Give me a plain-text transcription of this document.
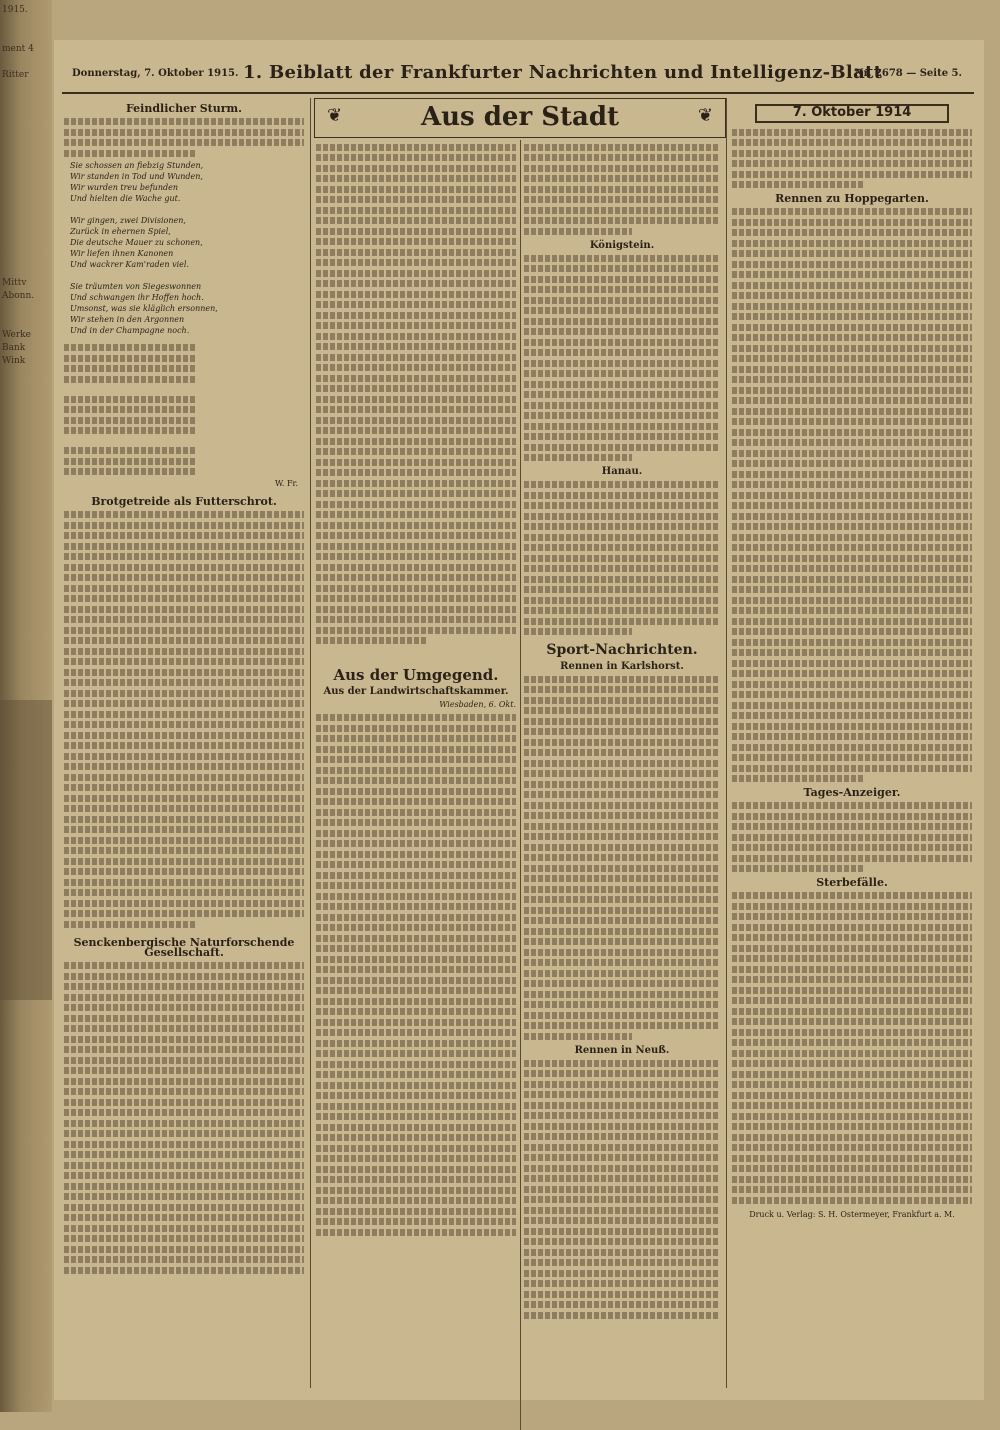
1915.

ment 4

Ritter

Mittv
Abonn.

Werke
Bank
Wink
Donnerstag, 7. Oktober 1915. 1. Beiblatt der Frankfurter Nachrichten und Intelligenz-Blatt
Nr. 2678 — Seite 5.
❦	Aus der Stadt	❦
Feindlicher Sturm.
Sie schossen an fiebzig Stunden,
Wir standen in Tod und Wunden,
Wir wurden treu befunden
Und hielten die Wache gut.

Wir gingen, zwei Divisionen,
Zurück in ehernen Spiel,
Die deutsche Mauer zu schonen,
Wir liefen ihnen Kanonen
Und wackrer Kam'raden viel.

Sie träumten von Siegeswonnen
Und schwangen ihr Hoffen hoch.
Umsonst, was sie kläglich ersonnen,
Wir stehen in den Argonnen
Und in der Champagne noch.
W. Fr.
Brotgetreide als Futterschrot.
Senckenbergische Naturforschende Gesellschaft.
Aus der Umgegend.
Aus der Landwirtschaftskammer.
Wiesbaden, 6. Okt.
Königstein.
Hanau.
Sport-Nachrichten.
Rennen in Karlshorst.
Rennen in Neuß.
7. Oktober 1914
Rennen zu Hoppegarten.
Tages-Anzeiger.
Sterbefälle.
Druck u. Verlag: S. H. Ostermeyer, Frankfurt a. M.
